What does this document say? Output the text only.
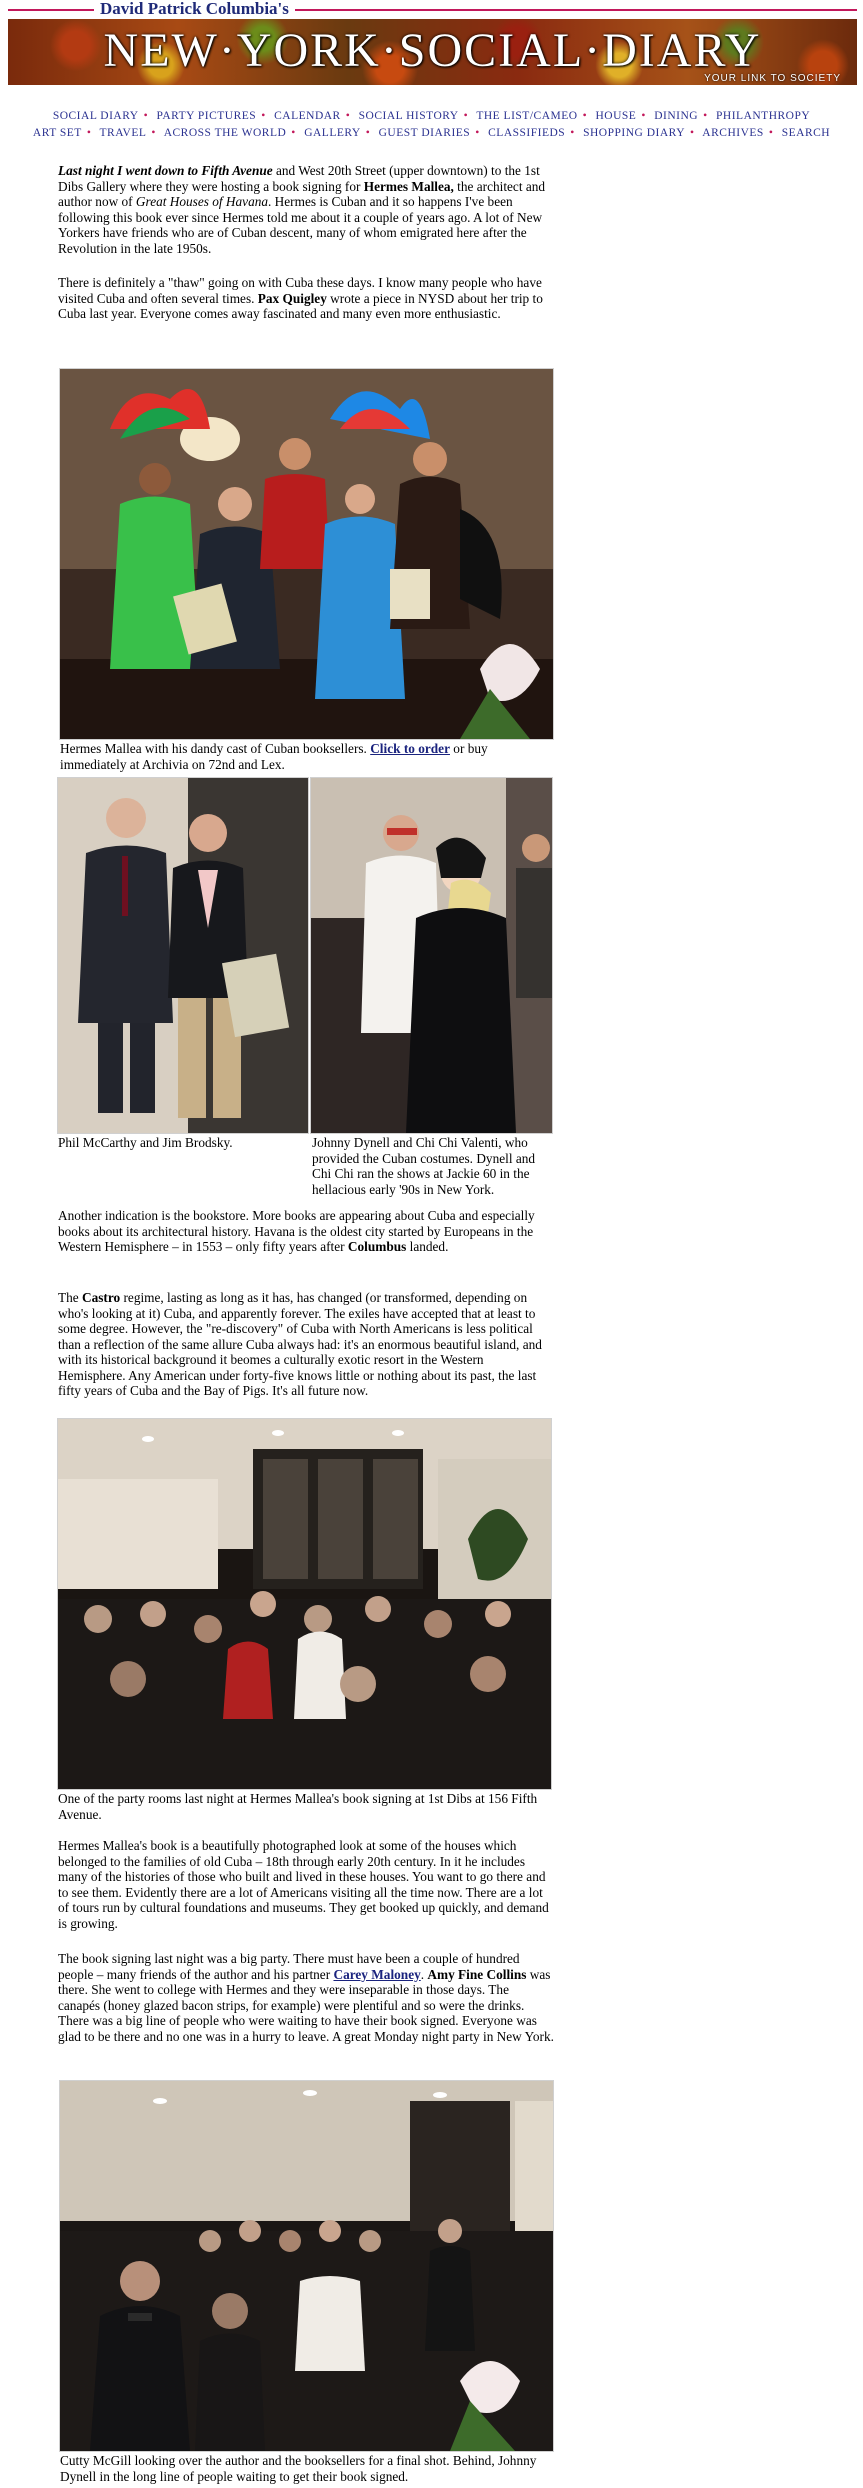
David Patrick Columbia's
NEW·YORK·SOCIAL·DIARY
YOUR LINK TO SOCIETY
SOCIAL DIARY • PARTY PICTURES • CALENDAR • SOCIAL HISTORY • THE LIST/CAMEO • HOUSE • DINING • PHILANTHROPY
ART SET • TRAVEL • ACROSS THE WORLD • GALLERY • GUEST DIARIES • CLASSIFIEDS • SHOPPING DIARY • ARCHIVES • SEARCH
Last night I went down to Fifth Avenue and West 20th Street (upper downtown) to the 1st Dibs Gallery where they were hosting a book signing for Hermes Mallea, the architect and author now of Great Houses of Havana. Hermes is Cuban and it so happens I've been following this book ever since Hermes told me about it a couple of years ago. A lot of New Yorkers have friends who are of Cuban descent, many of whom emigrated here after the Revolution in the late 1950s.
There is definitely a "thaw" going on with Cuba these days. I know many people who have visited Cuba and often several times. Pax Quigley wrote a piece in NYSD about her trip to Cuba last year. Everyone comes away fascinated and many even more enthusiastic.
Hermes Mallea with his dandy cast of Cuban booksellers. Click to order or buy immediately at Archivia on 72nd and Lex.
Phil McCarthy and Jim Brodsky.	Johnny Dynell and Chi Chi Valenti, who provided the Cuban costumes. Dynell and Chi Chi ran the shows at Jackie 60 in the hellacious early '90s in New York.
Another indication is the bookstore. More books are appearing about Cuba and especially books about its architectural history. Havana is the oldest city started by Europeans in the Western Hemisphere – in 1553 – only fifty years after Columbus landed.
The Castro regime, lasting as long as it has, has changed (or transformed, depending on who's looking at it) Cuba, and apparently forever. The exiles have accepted that at least to some degree. However, the "re-discovery" of Cuba with North Americans is less political than a reflection of the same allure Cuba always had: it's an enormous beautiful island, and with its historical background it beomes a culturally exotic resort in the Western Hemisphere. Any American under forty-five knows little or nothing about its past, the last fifty years of Cuba and the Bay of Pigs. It's all future now.
One of the party rooms last night at Hermes Mallea's book signing at 1st Dibs at 156 Fifth Avenue.
Hermes Mallea's book is a beautifully photographed look at some of the houses which belonged to the families of old Cuba – 18th through early 20th century. In it he includes many of the histories of those who built and lived in these houses. You want to go there and to see them. Evidently there are a lot of Americans visiting all the time now. There are a lot of tours run by cultural foundations and museums. They get booked up quickly, and demand is growing.
The book signing last night was a big party. There must have been a couple of hundred people – many friends of the author and his partner Carey Maloney. Amy Fine Collins was there. She went to college with Hermes and they were inseparable in those days. The canapés (honey glazed bacon strips, for example) were plentiful and so were the drinks. There was a big line of people who were waiting to have their book signed. Everyone was glad to be there and no one was in a hurry to leave. A great Monday night party in New York.
Cutty McGill looking over the author and the booksellers for a final shot. Behind, Johnny Dynell in the long line of people waiting to get their book signed.
